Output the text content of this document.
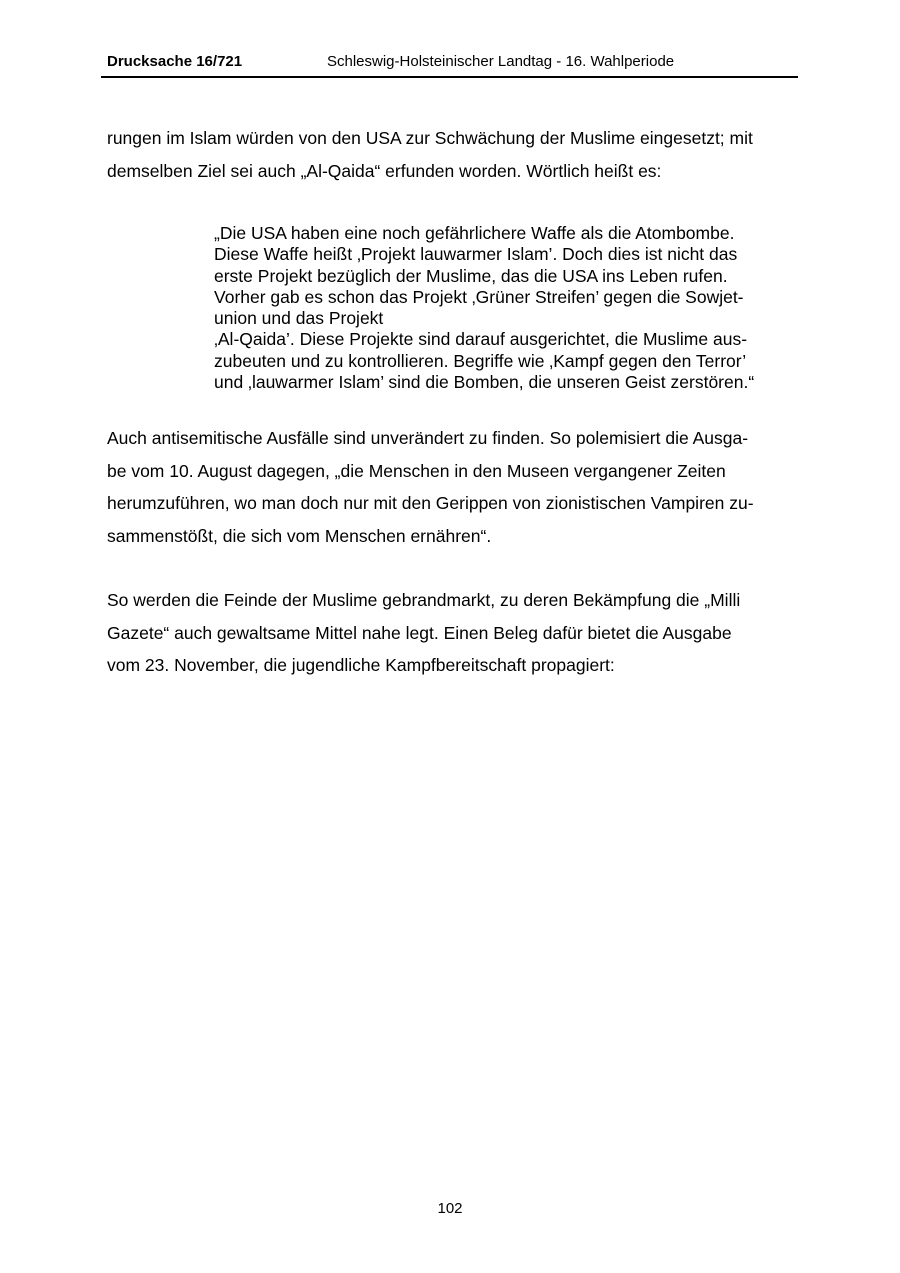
Drucksache 16/721	Schleswig-Holsteinischer Landtag - 16. Wahlperiode
rungen im Islam würden von den USA zur Schwächung der Muslime eingesetzt; mit
demselben Ziel sei auch „Al-Qaida“ erfunden worden. Wörtlich heißt es:
„Die USA haben eine noch gefährlichere Waffe als die Atombombe.
Diese Waffe heißt ‚Projekt lauwarmer Islam’. Doch dies ist nicht das
erste Projekt bezüglich der Muslime, das die USA ins Leben rufen.
Vorher gab es schon das Projekt ‚Grüner Streifen’ gegen die Sowjet-
union und das Projekt
‚Al-Qaida’. Diese Projekte sind darauf ausgerichtet, die Muslime aus-
zubeuten und zu kontrollieren. Begriffe wie ‚Kampf gegen den Terror’
und ‚lauwarmer Islam’ sind die Bomben, die unseren Geist zerstören.“
Auch antisemitische Ausfälle sind unverändert zu finden. So polemisiert die Ausga-
be vom 10. August dagegen, „die Menschen in den Museen vergangener Zeiten
herumzuführen, wo man doch nur mit den Gerippen von zionistischen Vampiren zu-
sammenstößt, die sich vom Menschen ernähren“.
So werden die Feinde der Muslime gebrandmarkt, zu deren Bekämpfung die „Milli
Gazete“ auch gewaltsame Mittel nahe legt. Einen Beleg dafür bietet die Ausgabe
vom 23. November, die jugendliche Kampfbereitschaft propagiert:
102
